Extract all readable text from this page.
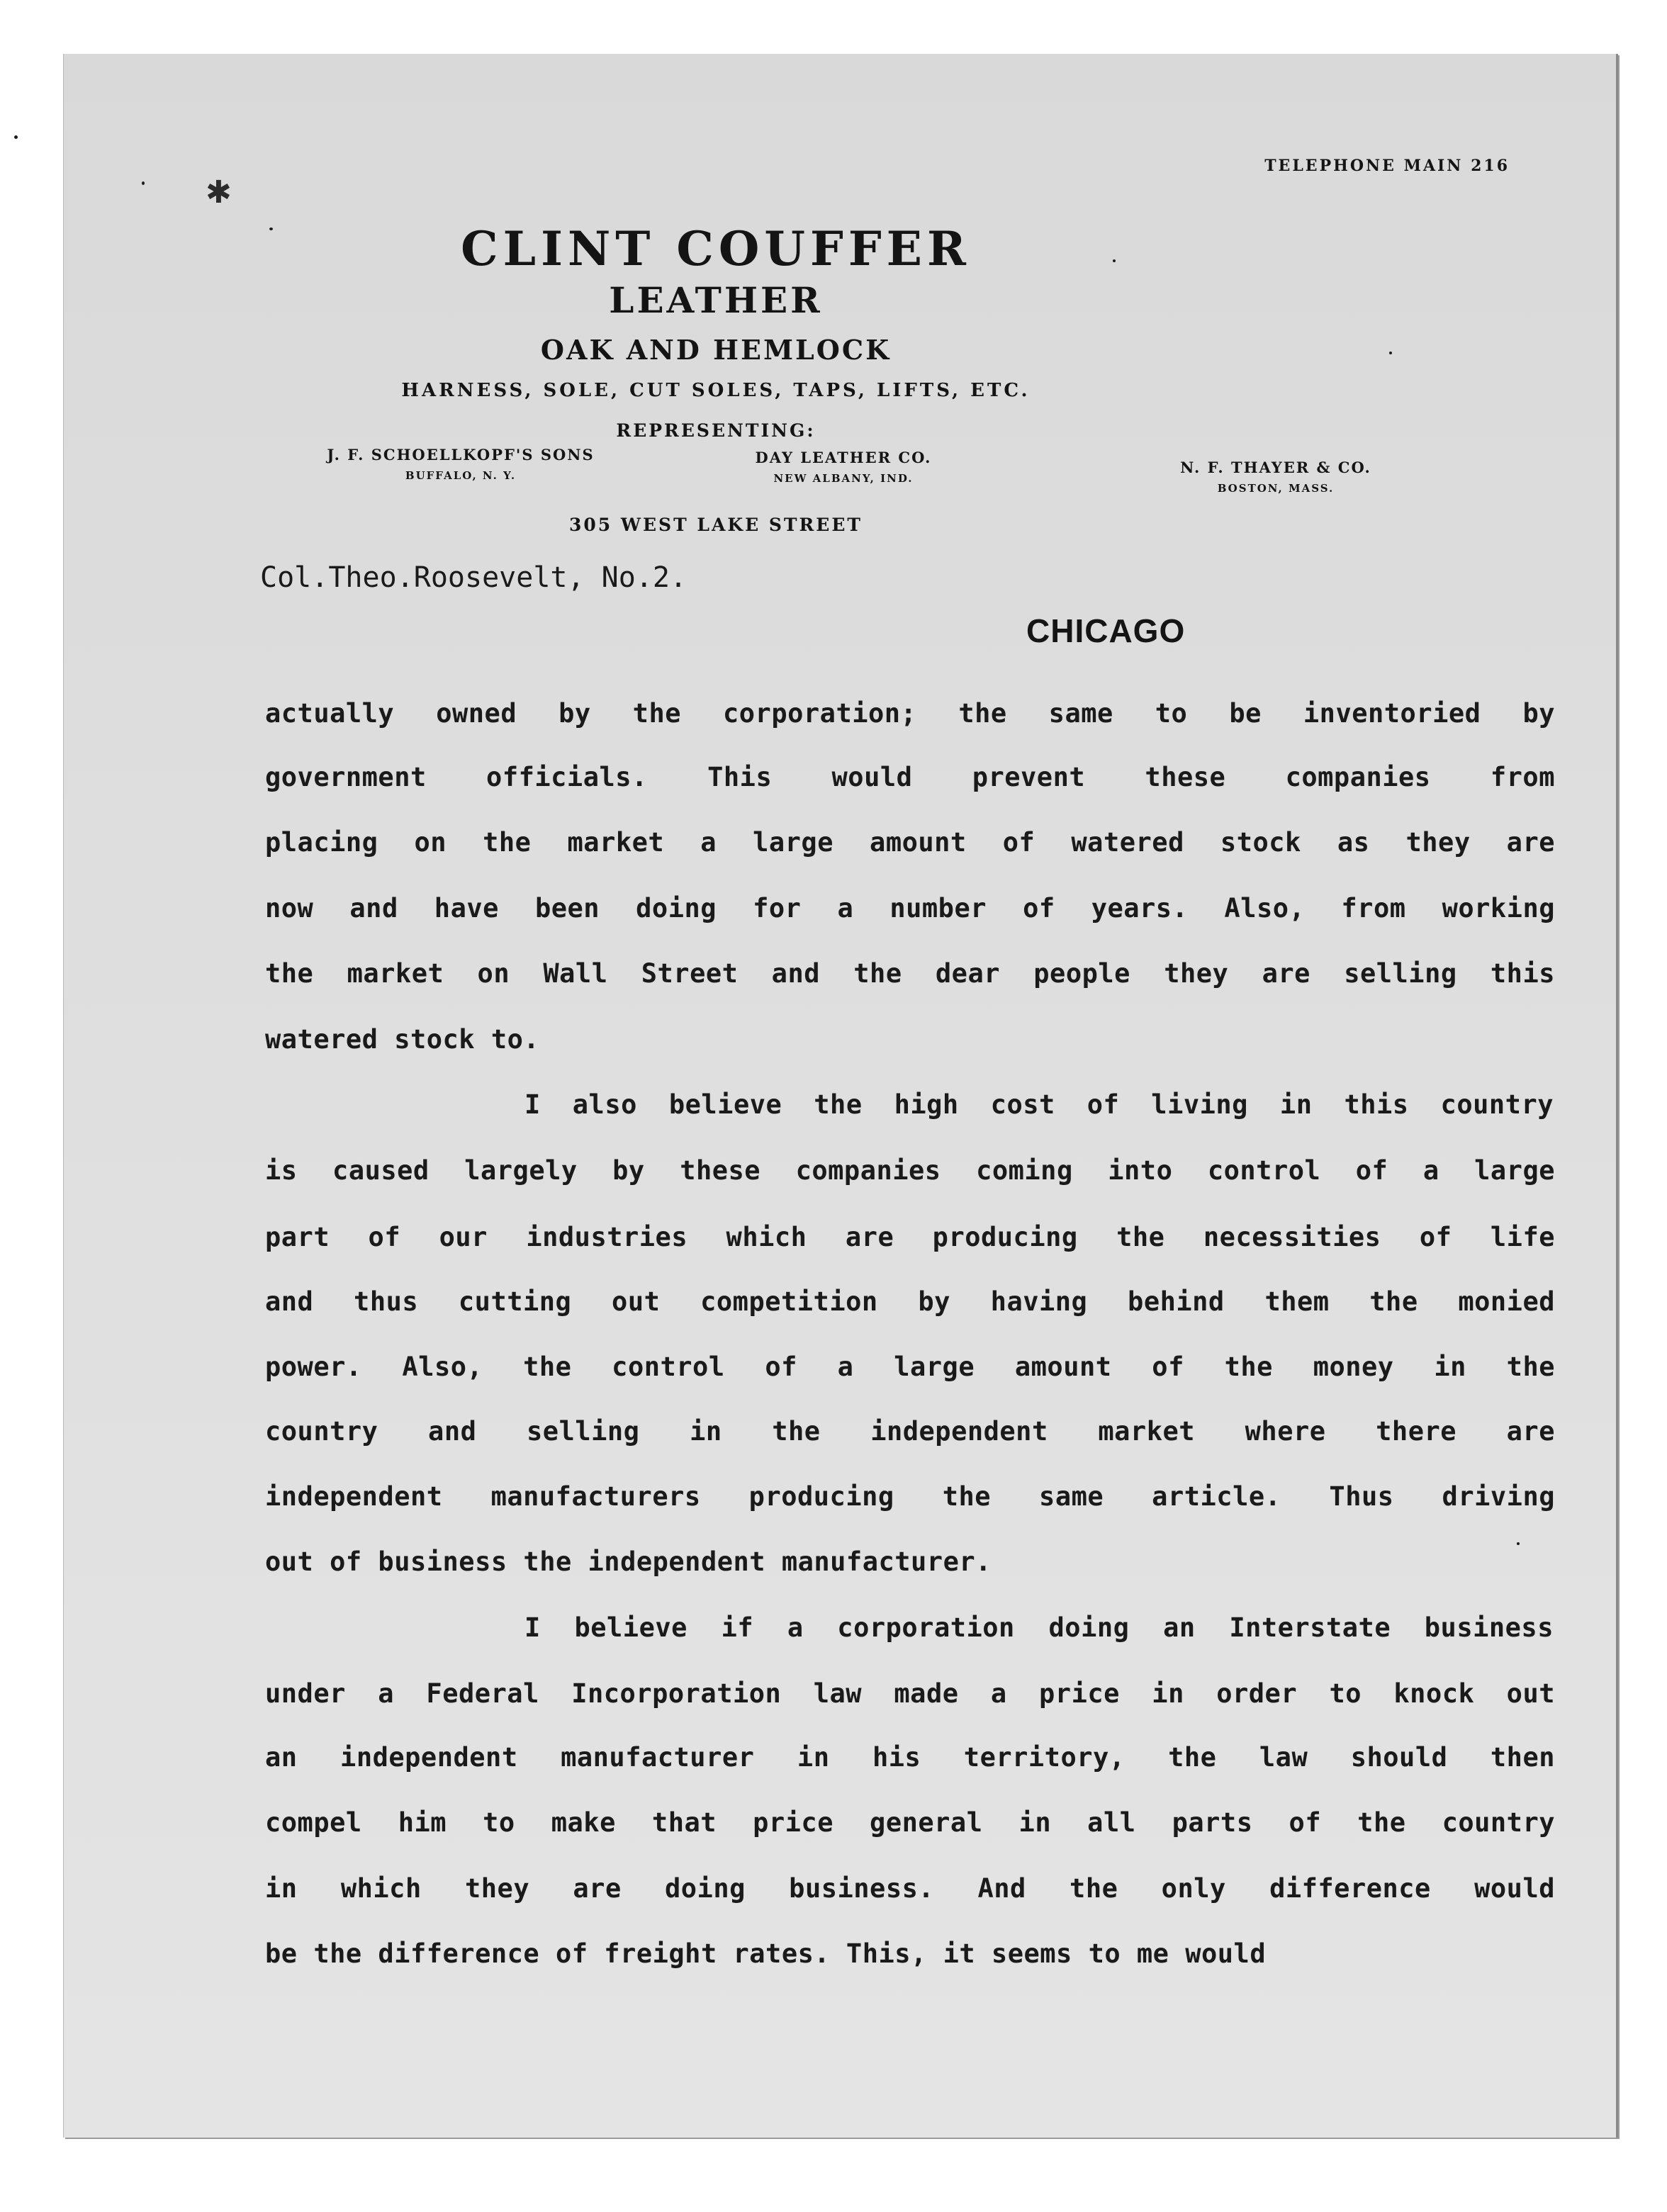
✱
TELEPHONE MAIN 216
CLINT COUFFER
LEATHER
OAK AND HEMLOCK
HARNESS, SOLE, CUT SOLES, TAPS, LIFTS, ETC.
REPRESENTING:
J. F. SCHOELLKOPF'S SONS
BUFFALO, N. Y.
DAY LEATHER CO.
NEW ALBANY, IND.
N. F. THAYER & CO.
BOSTON, MASS.
305 WEST LAKE STREET
CHICAGO
Col.Theo.Roosevelt, No.2.
actually owned by the corporation; the same to be inventoried by
government officials. This would prevent these companies from
placing on the market a large amount of watered stock as they are
now and have been doing for a number of years. Also, from working
the market on Wall Street and the dear people they are selling this
watered stock to.
I also believe the high cost of living in this country
is caused largely by these companies coming into control of a large
part of our industries which are producing the necessities of life
and thus cutting out competition by having behind them the monied
power. Also, the control of a large amount of the money in the
country and selling in the independent market where there are
independent manufacturers producing the same article. Thus driving
out of business the independent manufacturer.
I believe if a corporation doing an Interstate business
under a Federal Incorporation law made a price in order to knock out
an independent manufacturer in his territory, the law should then
compel him to make that price general in all parts of the country
in which they are doing business. And the only difference would
be the difference of freight rates. This, it seems to me would
